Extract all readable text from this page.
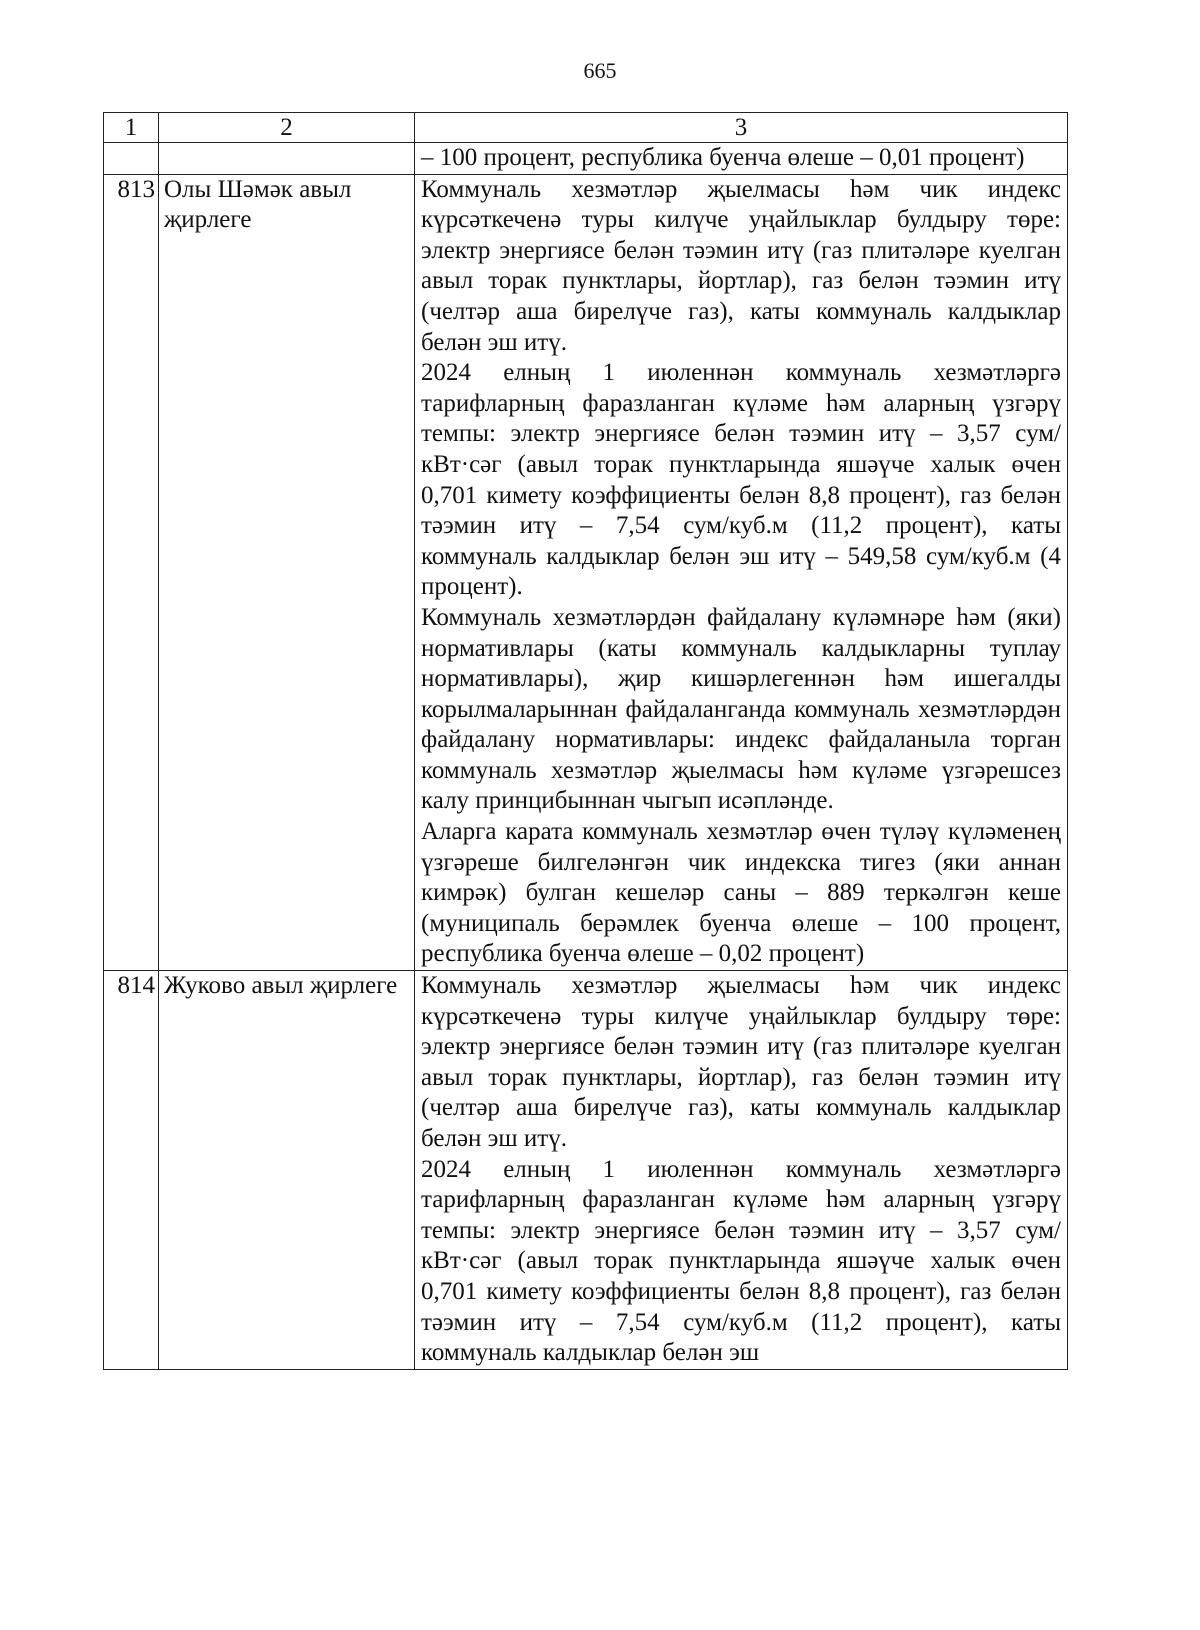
665
1	2	3

		– 100 процент, республика буенча өлеше – 0,01 процент)

813	Олы Шәмәк авыл җирлеге	Коммуналь хезмәтләр җыелмасы һәм чик индекс күрсәткеченә туры килүче уңайлыклар булдыру төре: электр энергиясе белән тәэмин итү (газ плитәләре куелган авыл торак пунктлары, йортлар), газ белән тәэмин итү (челтәр аша бирелүче газ), каты коммуналь калдыклар белән эш итү.

2024 елның 1 июленнән коммуналь хезмәтләргә тарифларның фаразланган күләме һәм аларның үзгәрү темпы: электр энергиясе белән тәэмин итү – 3,57 сум/кВт·сәг (авыл торак пунктларында яшәүче халык өчен 0,701 кимету коэффициенты белән 8,8 процент), газ белән тәэмин итү – 7,54 сум/куб.м (11,2 процент), каты коммуналь калдыклар белән эш итү – 549,58 сум/куб.м (4 процент).

Коммуналь хезмәтләрдән файдалану күләмнәре һәм (яки) нормативлары (каты коммуналь калдыкларны туплау нормативлары), җир кишәрлегеннән һәм ишегалды корылмаларыннан файдаланганда коммуналь хезмәтләрдән файдалану нормативлары: индекс файдаланыла торган коммуналь хезмәтләр җыелмасы һәм күләме үзгәрешсез калу принцибыннан чыгып исәпләнде.

Аларга карата коммуналь хезмәтләр өчен түләү күләменең үзгәреше билгеләнгән чик индекска тигез (яки аннан кимрәк) булган кешеләр саны – 889 теркәлгән кеше (муниципаль берәмлек буенча өлеше – 100 процент, республика буенча өлеше – 0,02 процент)

814	Жуково авыл җирлеге	Коммуналь хезмәтләр җыелмасы һәм чик индекс күрсәткеченә туры килүче уңайлыклар булдыру төре: электр энергиясе белән тәэмин итү (газ плитәләре куелган авыл торак пунктлары, йортлар), газ белән тәэмин итү (челтәр аша бирелүче газ), каты коммуналь калдыклар белән эш итү.

2024 елның 1 июленнән коммуналь хезмәтләргә тарифларның фаразланган күләме һәм аларның үзгәрү темпы: электр энергиясе белән тәэмин итү – 3,57 сум/кВт·сәг (авыл торак пунктларында яшәүче халык өчен 0,701 кимету коэффициенты белән 8,8 процент), газ белән тәэмин итү – 7,54 сум/куб.м (11,2 процент), каты коммуналь калдыклар белән эш
